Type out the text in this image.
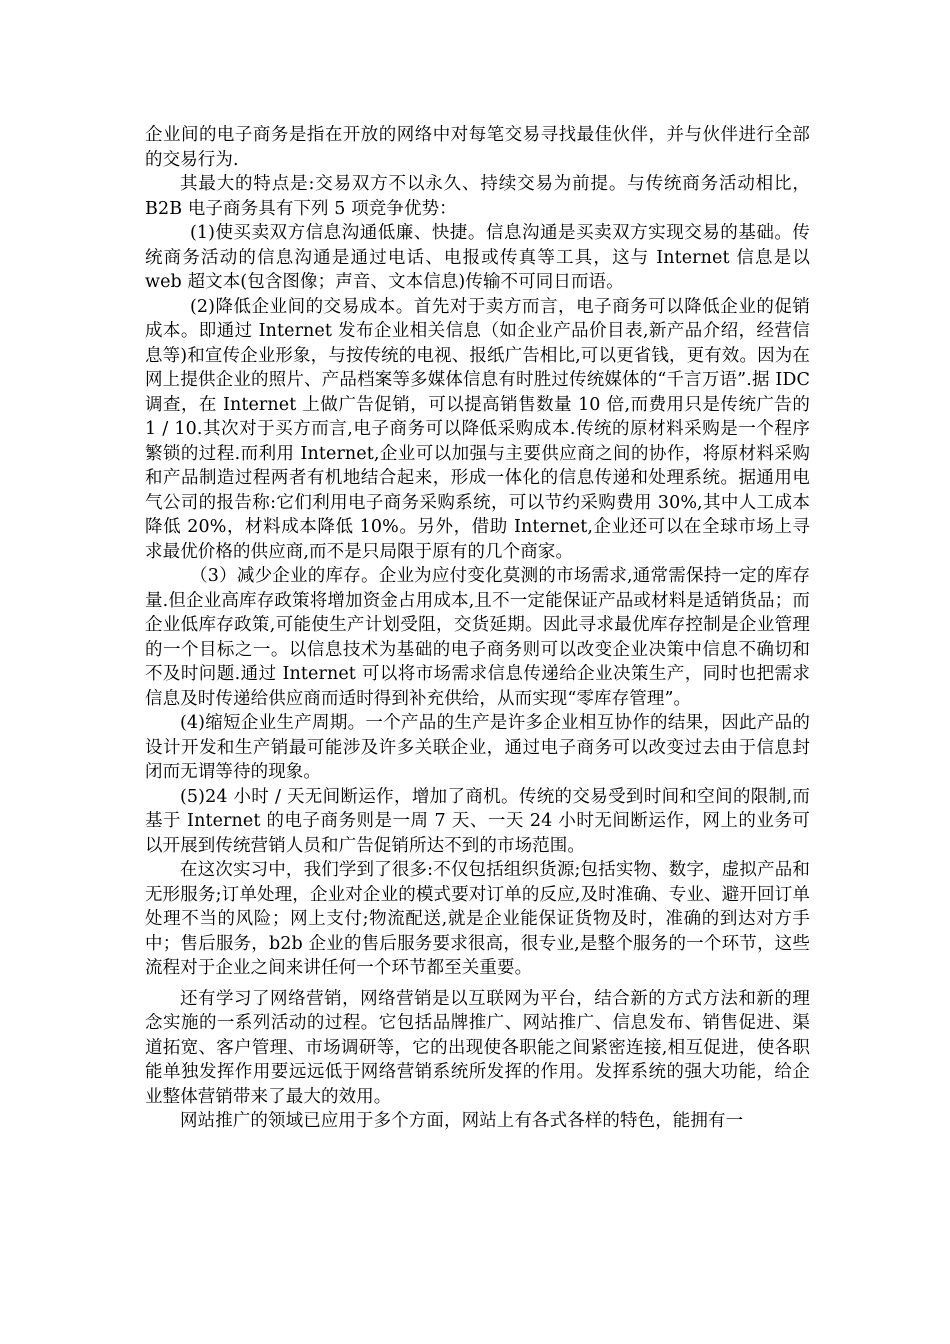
企业间的电子商务是指在开放的网络中对每笔交易寻找最佳伙伴，并与伙伴进行全部的交易行为.

其最大的特点是:交易双方不以永久、持续交易为前提。与传统商务活动相比，B2B 电子商务具有下列 5 项竞争优势：

(1)使买卖双方信息沟通低廉、快捷。信息沟通是买卖双方实现交易的基础。传统商务活动的信息沟通是通过电话、电报或传真等工具，这与 Internet 信息是以 web 超文本(包含图像；声音、文本信息)传输不可同日而语。

(2)降低企业间的交易成本。首先对于卖方而言，电子商务可以降低企业的促销成本。即通过 Internet 发布企业相关信息（如企业产品价目表,新产品介绍，经营信息等)和宣传企业形象，与按传统的电视、报纸广告相比,可以更省钱，更有效。因为在网上提供企业的照片、产品档案等多媒体信息有时胜过传统媒体的“千言万语”.据 IDC 调查，在 Internet 上做广告促销，可以提高销售数量 10 倍,而费用只是传统广告的 1 / 10.其次对于买方而言,电子商务可以降低采购成本.传统的原材料采购是一个程序繁锁的过程.而利用 Internet,企业可以加强与主要供应商之间的协作，将原材料采购和产品制造过程两者有机地结合起来，形成一体化的信息传递和处理系统。据通用电气公司的报告称:它们利用电子商务采购系统，可以节约采购费用 30%,其中人工成本降低 20%，材料成本降低 10%。另外，借助 Internet,企业还可以在全球市场上寻求最优价格的供应商,而不是只局限于原有的几个商家。

（3）减少企业的库存。企业为应付变化莫测的市场需求,通常需保持一定的库存量.但企业高库存政策将增加资金占用成本,且不一定能保证产品或材料是适销货品；而企业低库存政策,可能使生产计划受阻，交货延期。因此寻求最优库存控制是企业管理的一个目标之一。以信息技术为基础的电子商务则可以改变企业决策中信息不确切和不及时问题.通过 Internet 可以将市场需求信息传递给企业决策生产，同时也把需求信息及时传递给供应商而适时得到补充供给，从而实现“零库存管理”。

(4)缩短企业生产周期。一个产品的生产是许多企业相互协作的结果，因此产品的设计开发和生产销最可能涉及许多关联企业，通过电子商务可以改变过去由于信息封闭而无谓等待的现象。

(5)24 小时 / 天无间断运作，增加了商机。传统的交易受到时间和空间的限制,而基于 Internet 的电子商务则是一周 7 天、一天 24 小时无间断运作，网上的业务可以开展到传统营销人员和广告促销所达不到的市场范围。

在这次实习中，我们学到了很多:不仅包括组织货源;包括实物、数字，虚拟产品和无形服务;订单处理，企业对企业的模式要对订单的反应,及时准确、专业、避开回订单处理不当的风险；网上支付;物流配送,就是企业能保证货物及时，准确的到达对方手中；售后服务，b2b 企业的售后服务要求很高，很专业,是整个服务的一个环节，这些流程对于企业之间来讲任何一个环节都至关重要。

还有学习了网络营销，网络营销是以互联网为平台，结合新的方式方法和新的理念实施的一系列活动的过程。它包括品牌推广、网站推广、信息发布、销售促进、渠道拓宽、客户管理、市场调研等，它的出现使各职能之间紧密连接,相互促进，使各职能单独发挥作用要远远低于网络营销系统所发挥的作用。发挥系统的强大功能，给企业整体营销带来了最大的效用。

网站推广的领域已应用于多个方面，网站上有各式各样的特色，能拥有一
